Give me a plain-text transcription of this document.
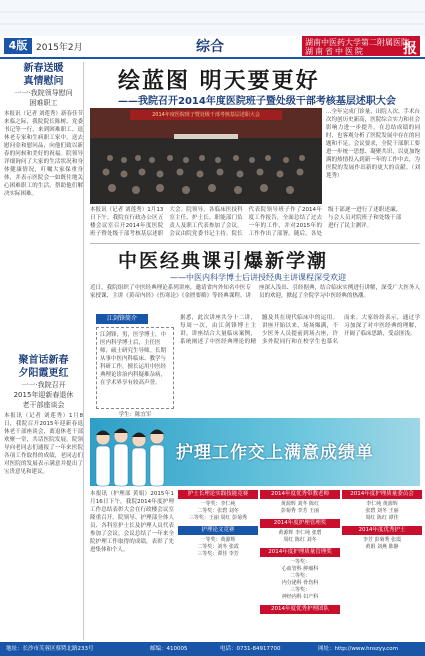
4版 2015年2月	综合	湖南中医药大学第二附属医院
湖南省中医院	报
新春送暖
真情慰问
一一·我院领导慰问
困难职工
本报讯（记者 刘莲秀）新春佳节来临之际，我院院长陈树、党委书记等一行，来到困难职工、退休老专家和生病职工家中，送去慰问金和慰问品，向他们致以新春的问候和美好的祝福。院领导详细询问了大家的生活状况和身体健康情况，叮嘱大家保重身体，并表示医院会一如既往地关心困难职工的生活，帮助他们解决实际困难。
聚首话新春
夕阳霞更红
一一·我院召开
2015年迎新春退休
老干部座谈会
本报讯（记者 刘莲秀）1月8日，我院召开2015年迎新春退休老干部座谈会，离退休老干部欢聚一堂，共话医院发展。院领导向老同志们通报了一年来医院各项工作取得的成绩，老同志们对医院的发展表示满意并提出了宝贵意见和建议。
绘蓝图 明天要更好
——我院召开2014年度医院班子暨处级干部考核基层述职大会
2014年度医院班子暨处级干部考核基层述职大会
本报讯（记者 刘莲秀）1月13日下午，我院在行政办公区五楼会议室召开2014年度医院班子暨处级干部考核基层述职大会。院领导、各临床医技科室主任、护士长、职能部门负责人及职工代表参加了会议。会议由院党委书记主持。院长代表院领导班子作了2014年度工作报告，全面总结了过去一年的工作，并对2015年的工作作出了部署。随后，各处级干部逐一进行了述职述廉，与会人员对院班子和处级干部进行了民主测评。
…全年完成门诊量、出院人次、手术台次均创历史新高，医院综合实力和社会影响力进一步提升。在总结成绩的同时，也客观分析了医院发展中存在的问题和不足。会议要求，全院干部职工要进一步统一思想、凝聚共识，以更加饱满的热情投入到新一年的工作中去，为医院的发展作出新的更大的贡献。（刘莲秀）
中医经典课引爆新学潮
——中医内科学博士后讲授经典主讲课程深受欢迎
近日，我院组织了中医经典理论系列讲座，邀请省内外知名中医专家授课，主讲《黄帝内经》《伤寒论》《金匮要略》等经典课程。讲座深入浅出、引经据典，结合临床实例进行讲解，深受广大医务人员的欢迎，掀起了全院学习中医经典的热潮。
江剑锋简介
江剑锋，男，医学博士，中医内科学博士后，主任医师，硕士研究生导师。长期从事中医内科临床、教学与科研工作，擅长运用中医经典理论诊治内科疑难杂病，在学术界享有较高声誉。
学生：陈宜军
据悉，此次讲座共分十二讲，每周一次，由江剑锋博士主讲。讲座结合大量临床案例，系统阐述了中医经典理论的精髓及其在现代临床中的运用。讲座开始以来，场场爆满，不少医务人员提前到场占座，许多外院同行和在校学生也慕名而来。大家纷纷表示，通过学习加深了对中医经典的理解，开阔了临床思路，受益匪浅。
护理工作交上满意成绩单
本报讯（护理部 黄娟）2015年1月16日下午，我院2014年度护理工作总结表彰大会在行政楼会议室隆重召开。院领导、护理部全体人员、各科室护士长及护理人员代表参加了会议。会议总结了一年来全院护理工作取得的成绩，表彰了先进集体和个人。
护士长理论实践技能竞赛
一等奖：李仁纯
二等奖：张碧 刘冬
三等奖：王丽 周红 彭菊秀
护理论文竞赛
一等奖：黄源辉
二等奖：刘冬 张霞
三等奖：谭佳 李芳
2014年度优秀带教老师
黄源辉 刘冬 陈红
彭菊秀 李芳 王丽
2014年度护理管理奖
黄源辉 李仁纯 张碧
周红 陈红 刘冬
2014年度护理质量管理奖
一等奖：
心血管科 肿瘤科
二等奖：
内分泌科 骨伤科
三等奖：
神经内科 妇产科
2014年度优秀护理团队
2014年度护理质量委员会
李仁纯 黄源辉
张碧 刘冬 王丽
周红 陈红 谭佳
2014年度优秀护士
李芳 彭菊秀 张霞
黄娟 刘燕 陈静
地址：长沙市芙蓉区蔡锷北路233号	邮编：410005	电话：0731-84917700	网址：http://www.hnszyy.com
